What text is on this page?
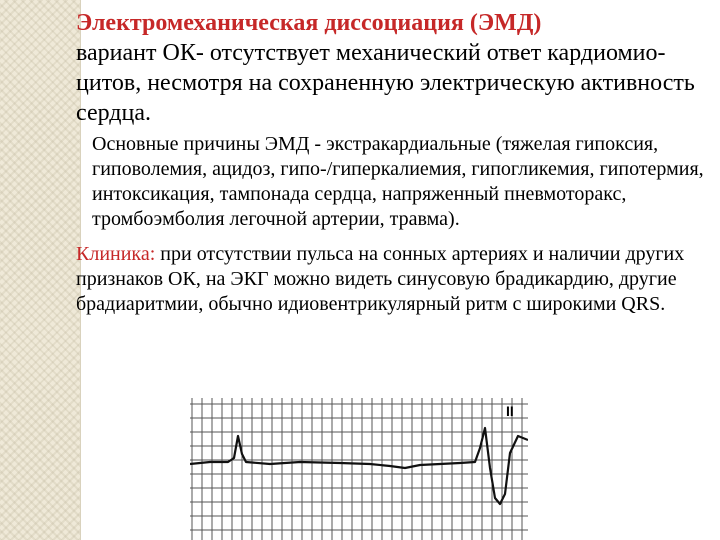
Электромеханическая диссоциация (ЭМД)
вариант ОК- отсутствует механический ответ кардиомио-цитов, несмотря на сохраненную электрическую активность сердца.
Основные причины ЭМД - экстракардиальные (тяжелая гипоксия, гиповолемия, ацидоз, гипо-/гиперкалиемия, гипогликемия, гипотермия, интоксикация, тампонада сердца, напряженный пневмоторакс, тромбоэмболия легочной артерии, травма).
Клиника: при отсутствии пульса на сонных артериях и наличии других признаков ОК, на ЭКГ можно видеть синусовую брадикардию, другие брадиаритмии, обычно идиовентрикулярный ритм с широкими QRS.
II
